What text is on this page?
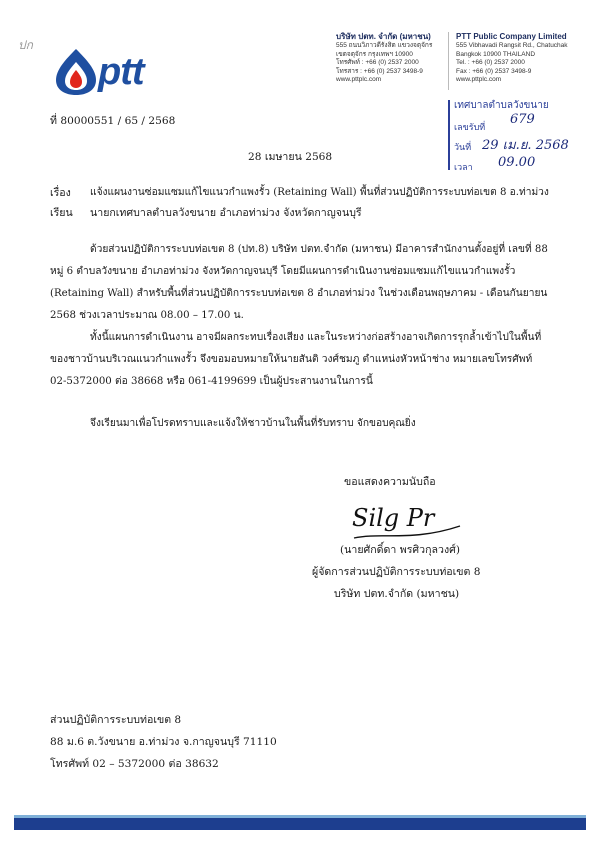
ปก
ptt
บริษัท ปตท. จำกัด (มหาชน)
555 ถนนวิภาวดีรังสิต แขวงจตุจักร
เขตจตุจักร กรุงเทพฯ 10900
โทรศัพท์ : +66 (0) 2537 2000
โทรสาร : +66 (0) 2537 3498-9
www.pttplc.com
PTT Public Company Limited
555 Vibhavadi Rangsit Rd., Chatuchak
Bangkok 10900 THAILAND
Tel. : +66 (0) 2537 2000
Fax : +66 (0) 2537 3498-9
www.pttplc.com
ที่ 80000551 / 65 / 2568
เทศบาลตำบลวังขนาย
เลขรับที่
679
วันที่ 29 เม.ย. 2568
เวลา 09.00
28 เมษายน 2568
เรื่อง แจ้งแผนงานซ่อมแซมแก้ไขแนวกำแพงรั้ว (Retaining Wall) พื้นที่ส่วนปฏิบัติการระบบท่อเขต 8 อ.ท่าม่วง
เรียน นายกเทศบาลตำบลวังขนาย อำเภอท่าม่วง จังหวัดกาญจนบุรี
ด้วยส่วนปฏิบัติการระบบท่อเขต 8 (ปท.8) บริษัท ปตท.จำกัด (มหาชน) มีอาคารสำนักงานตั้งอยู่ที่ เลขที่ 88
หมู่ 6 ตำบลวังขนาย อำเภอท่าม่วง จังหวัดกาญจนบุรี โดยมีแผนการดำเนินงานซ่อมแซมแก้ไขแนวกำแพงรั้ว
(Retaining Wall) สำหรับพื้นที่ส่วนปฏิบัติการระบบท่อเขต 8 อำเภอท่าม่วง ในช่วงเดือนพฤษภาคม - เดือนกันยายน
2568 ช่วงเวลาประมาณ 08.00 – 17.00 น.
ทั้งนี้แผนการดำเนินงาน อาจมีผลกระทบเรื่องเสียง และในระหว่างก่อสร้างอาจเกิดการรุกล้ำเข้าไปในพื้นที่
ของชาวบ้านบริเวณแนวกำแพงรั้ว จึงขอมอบหมายให้นายสันติ วงศ์ชมภู ตำแหน่งหัวหน้าช่าง หมายเลขโทรศัพท์
02-5372000 ต่อ 38668 หรือ 061-4199699 เป็นผู้ประสานงานในการนี้
จึงเรียนมาเพื่อโปรดทราบและแจ้งให้ชาวบ้านในพื้นที่รับทราบ จักขอบคุณยิ่ง
ขอแสดงความนับถือ
Silg Pr
(นายศักดิ์ดา พรศิวกุลวงศ์)
ผู้จัดการส่วนปฏิบัติการระบบท่อเขต 8
บริษัท ปตท.จำกัด (มหาชน)
ส่วนปฏิบัติการระบบท่อเขต 8
88 ม.6 ต.วังขนาย อ.ท่าม่วง จ.กาญจนบุรี 71110
โทรศัพท์ 02 – 5372000 ต่อ 38632
